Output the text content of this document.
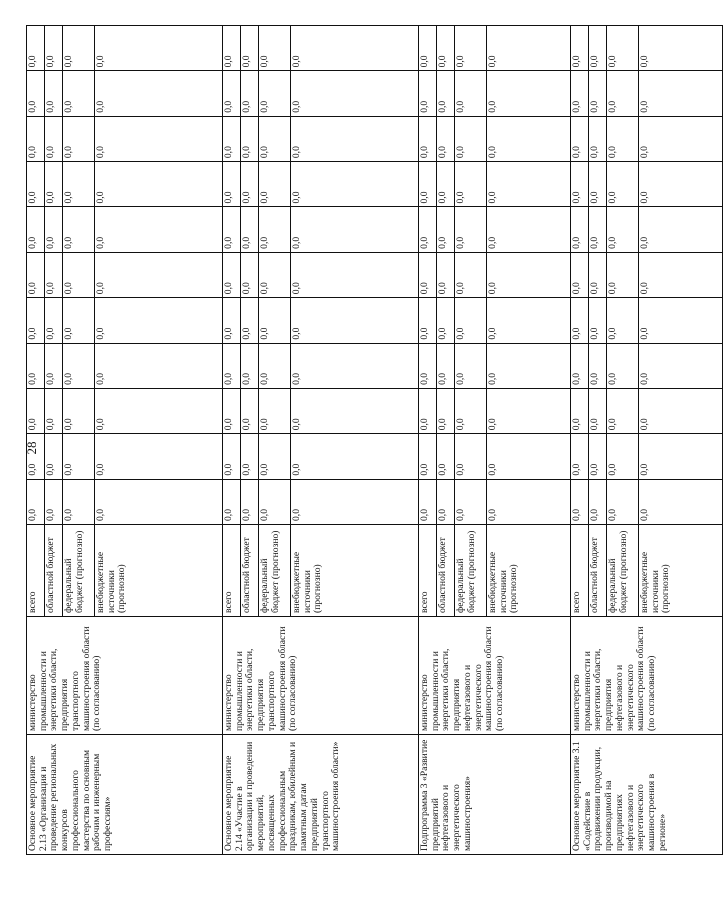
28
Основное мероприятие 2.13 «Организация и проведение региональных конкурсов профессионального мастерства по основным рабочим и инженерным профессиям»	министерство промышленности и энергетики области, предприятия транспортного машиностроения области (по согласованию)	всего	0,0	0,0	0,0	0,0	0,0	0,0	0,0	0,0	0,0	0,0	0,0
		областной бюджет	0,0	0,0	0,0	0,0	0,0	0,0	0,0	0,0	0,0	0,0	0,0
		федеральный бюджет (прогнозно)	0,0	0,0	0,0	0,0	0,0	0,0	0,0	0,0	0,0	0,0	0,0
		внебюджетные источники (прогнозно)	0,0	0,0	0,0	0,0	0,0	0,0	0,0	0,0	0,0	0,0	0,0
Основное мероприятие 2.14 «Участие в организации и проведении мероприятий, посвященных профессиональным праздникам, юбилейным и памятным датам предприятий транспортного машиностроения области»	министерство промышленности и энергетики области, предприятия транспортного машиностроения области (по согласованию)	всего	0,0	0,0	0,0	0,0	0,0	0,0	0,0	0,0	0,0	0,0	0,0
		областной бюджет	0,0	0,0	0,0	0,0	0,0	0,0	0,0	0,0	0,0	0,0	0,0
		федеральный бюджет (прогнозно)	0,0	0,0	0,0	0,0	0,0	0,0	0,0	0,0	0,0	0,0	0,0
		внебюджетные источники (прогнозно)	0,0	0,0	0,0	0,0	0,0	0,0	0,0	0,0	0,0	0,0	0,0
Подпрограмма 3 «Развитие предприятий нефтегазового и энергетического машиностроения»	министерство промышленности и энергетики области, предприятия нефтегазового и энергетического машиностроения области (по согласованию)	всего	0,0	0,0	0,0	0,0	0,0	0,0	0,0	0,0	0,0	0,0	0,0
		областной бюджет	0,0	0,0	0,0	0,0	0,0	0,0	0,0	0,0	0,0	0,0	0,0
		федеральный бюджет (прогнозно)	0,0	0,0	0,0	0,0	0,0	0,0	0,0	0,0	0,0	0,0	0,0
		внебюджетные источники (прогнозно)	0,0	0,0	0,0	0,0	0,0	0,0	0,0	0,0	0,0	0,0	0,0
Основное мероприятие 3.1 «Содействие в продвижении продукции, производимой на предприятиях нефтегазового и энергетического машиностроения в регионе»	министерство промышленности и энергетики области, предприятия нефтегазового и энергетического машиностроения области (по согласованию)	всего	0,0	0,0	0,0	0,0	0,0	0,0	0,0	0,0	0,0	0,0	0,0
		областной бюджет	0,0	0,0	0,0	0,0	0,0	0,0	0,0	0,0	0,0	0,0	0,0
		федеральный бюджет (прогнозно)	0,0	0,0	0,0	0,0	0,0	0,0	0,0	0,0	0,0	0,0	0,0
		внебюджетные источники (прогнозно)	0,0	0,0	0,0	0,0	0,0	0,0	0,0	0,0	0,0	0,0	0,0
